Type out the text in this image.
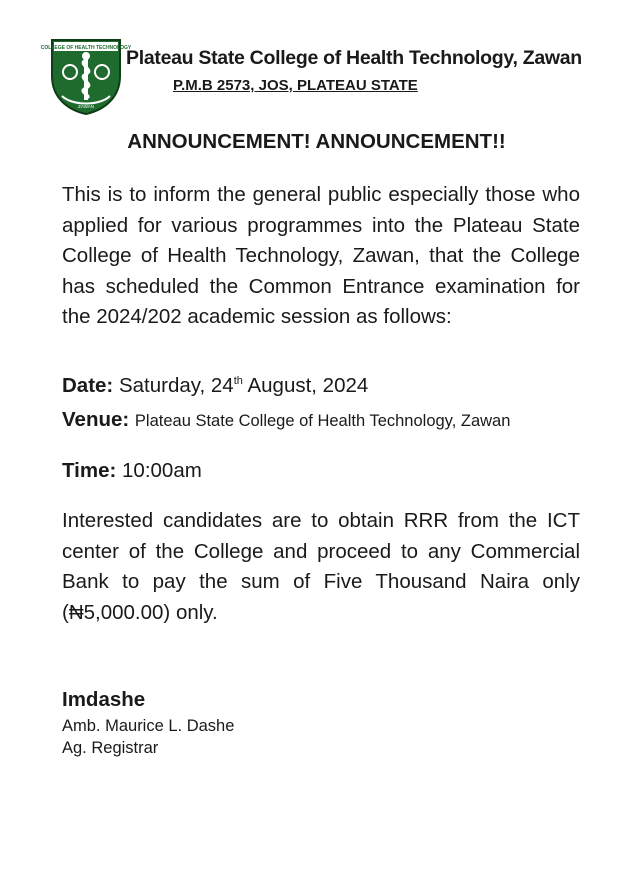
COLLEGE OF HEALTH TECHNOLOGY
ZAWAN
Plateau State College of Health Technology, Zawan
P.M.B 2573, JOS, PLATEAU STATE
ANNOUNCEMENT! ANNOUNCEMENT!!

This is to inform the general public especially those who applied for various programmes into the Plateau State College of Health Technology, Zawan, that the College has scheduled the Common Entrance examination for the 2024/202 academic session as follows:

Date: Saturday, 24th August, 2024
Venue: Plateau State College of Health Technology, Zawan
Time: 10:00am

Interested candidates are to obtain RRR from the ICT center of the College and proceed to any Commercial Bank to pay the sum of Five Thousand Naira only (₦5,000.00) only.

Imdashe
Amb. Maurice L. Dashe
Ag. Registrar
